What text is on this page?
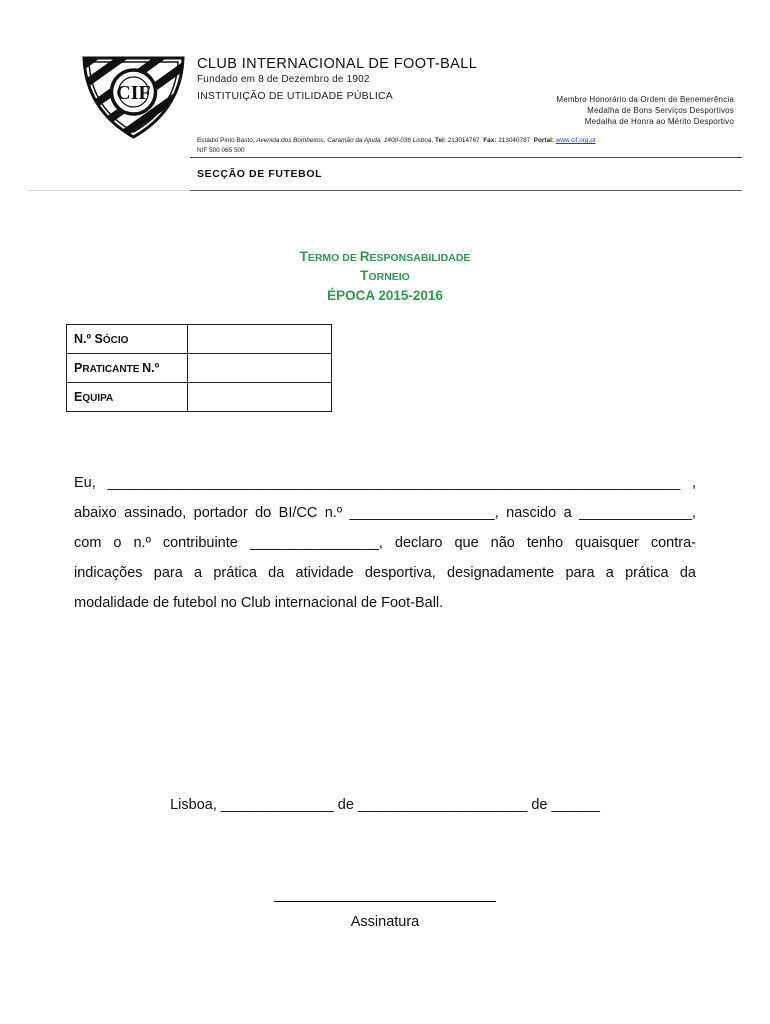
CIF
CLUB INTERNACIONAL DE FOOT-BALL
Fundado em 8 de Dezembro de 1902
INSTITUIÇÃO DE UTILIDADE PÚBLICA	Membro Honorário da Ordem de Benemerência
Medalha de Bons Serviços Desportivos
Medalha de Honra ao Mérito Desportivo
Estádio Pinto Basto, Avenida dos Bombeiros, Caramão da Ajuda, 1400-036 Lisboa, Tel: 213014767 Fax: 213040787 Portal: www.cif.org.pt
NIF 500 065 500
SECÇÃO DE FUTEBOL
TERMO DE RESPONSABILIDADE
TORNEIO
ÉPOCA 2015-2016
N.º SÓCIO	
PRATICANTE N.º	
EQUIPA	
Eu, _______________________________________________________________________ ,
abaixo assinado, portador do BI/CC n.º __________________, nascido a ______________,
com o n.º contribuinte ________________, declaro que não tenho quaisquer contra-
indicações para a prática da atividade desportiva, designadamente para a prática da
modalidade de futebol no Club internacional de Foot-Ball.
Lisboa, ______________ de _____________________ de ______
Assinatura
